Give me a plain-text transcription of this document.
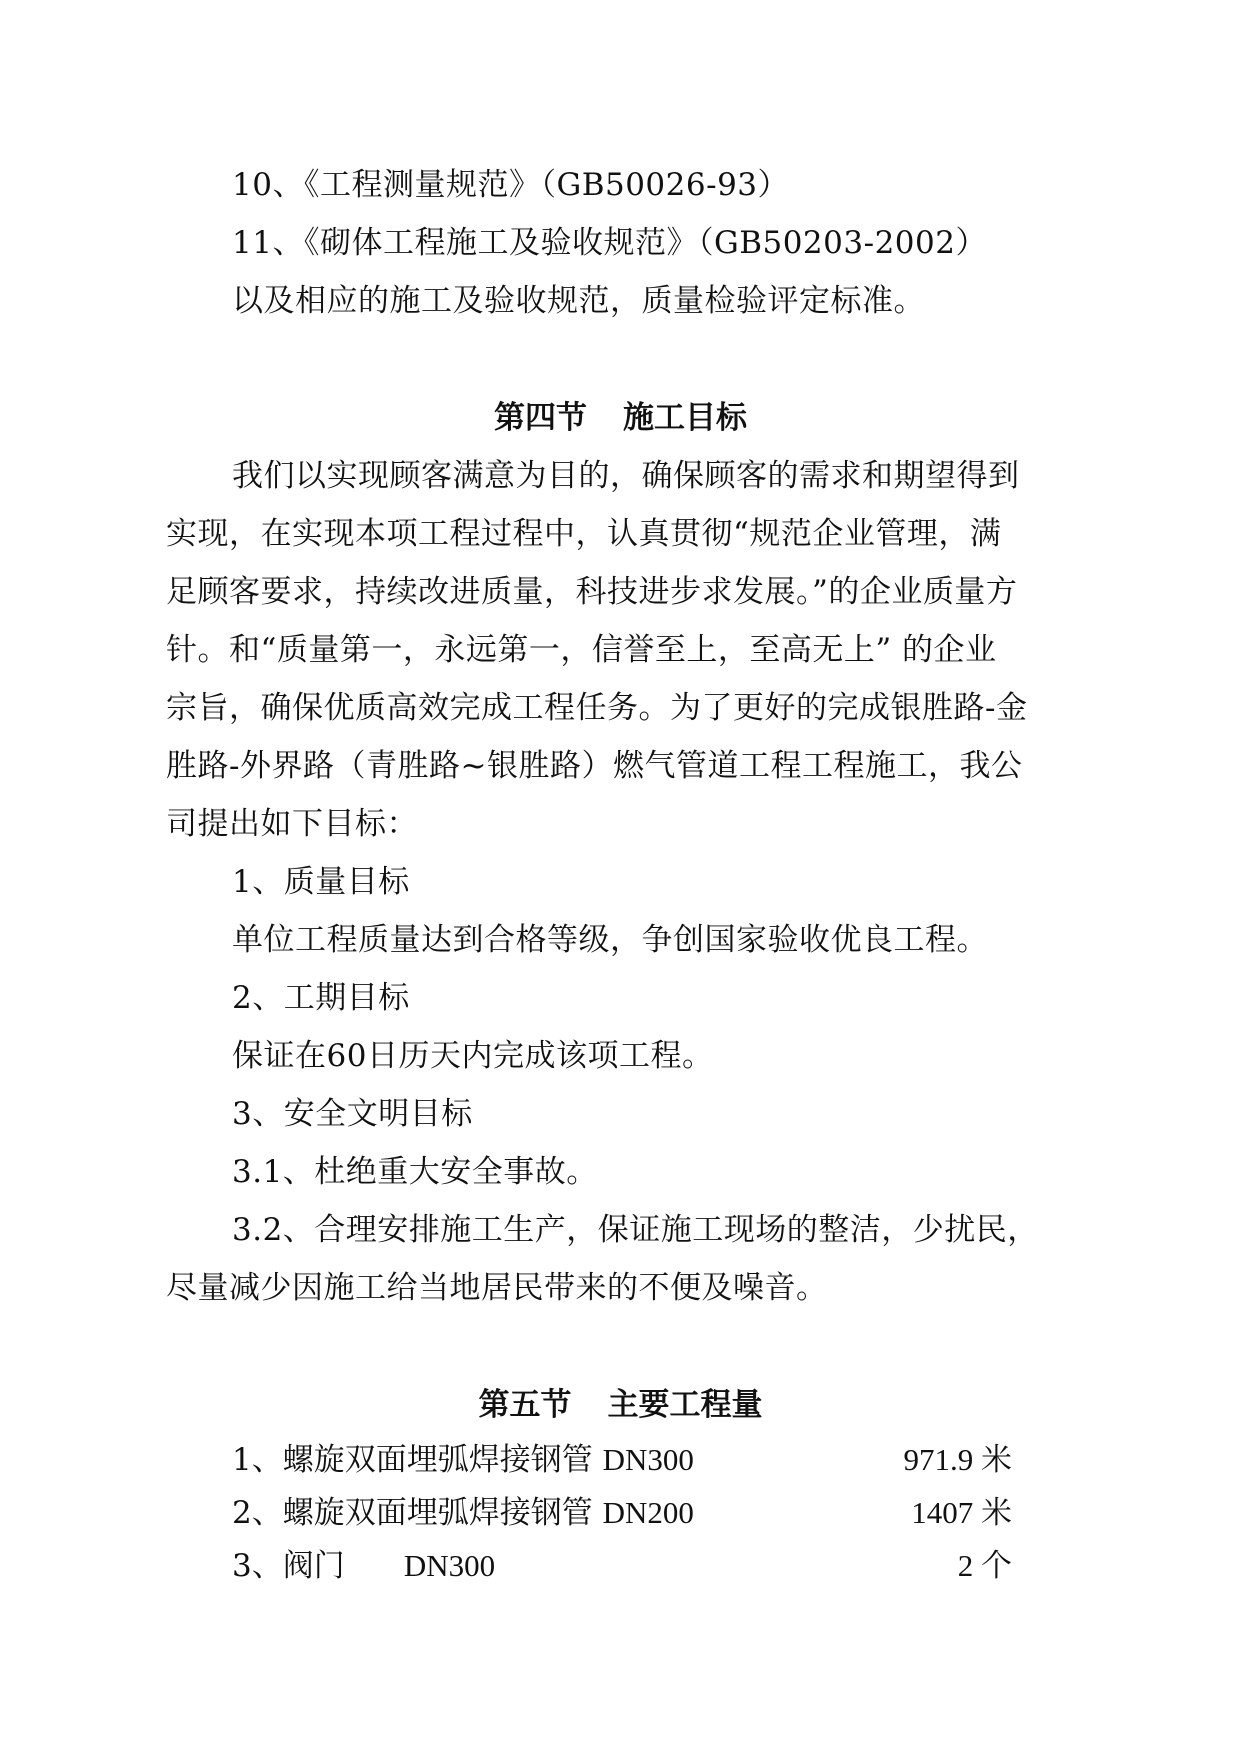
10、《工程测量规范》（GB50026-93）
11、《砌体工程施工及验收规范》（GB50203-2002）
以及相应的施工及验收规范，质量检验评定标准。
第四节 施工目标
我们以实现顾客满意为目的，确保顾客的需求和期望得到
实现，在实现本项工程过程中，认真贯彻“规范企业管理，满
足顾客要求，持续改进质量，科技进步求发展。”的企业质量方
针。和“质量第一，永远第一，信誉至上，至高无上” 的企业
宗旨，确保优质高效完成工程任务。为了更好的完成银胜路-金
胜路-外界路（青胜路~银胜路）燃气管道工程工程施工，我公
司提出如下目标：
1、质量目标
单位工程质量达到合格等级，争创国家验收优良工程。
2、工期目标
保证在60日历天内完成该项工程。
3、安全文明目标
3.1、杜绝重大安全事故。
3.2、合理安排施工生产，保证施工现场的整洁，少扰民，
尽量减少因施工给当地居民带来的不便及噪音。
第五节 主要工程量
1、螺旋双面埋弧焊接钢管 DN300	971.9 米
2、螺旋双面埋弧焊接钢管 DN200	1407 米
3、阀门      DN300	2 个
